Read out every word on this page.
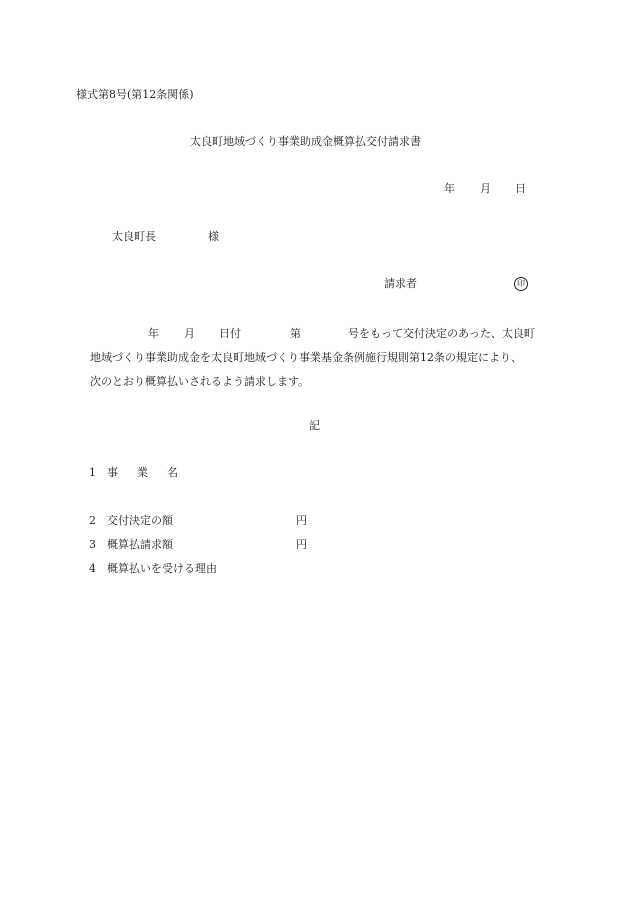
様式第8号(第12条関係)
太良町地域づくり事業助成金概算払交付請求書
年 月 日
太良町長	様
請求者	印
年 月 日付	第	号をもって交付決定のあった、太良町
地域づくり事業助成金を太良町地域づくり事業基金条例施行規則第12条の規定により、
次のとおり概算払いされるよう請求します。
記
1 事 業 名
2 交付決定の額	円
3 概算払請求額	円
4 概算払いを受ける理由
